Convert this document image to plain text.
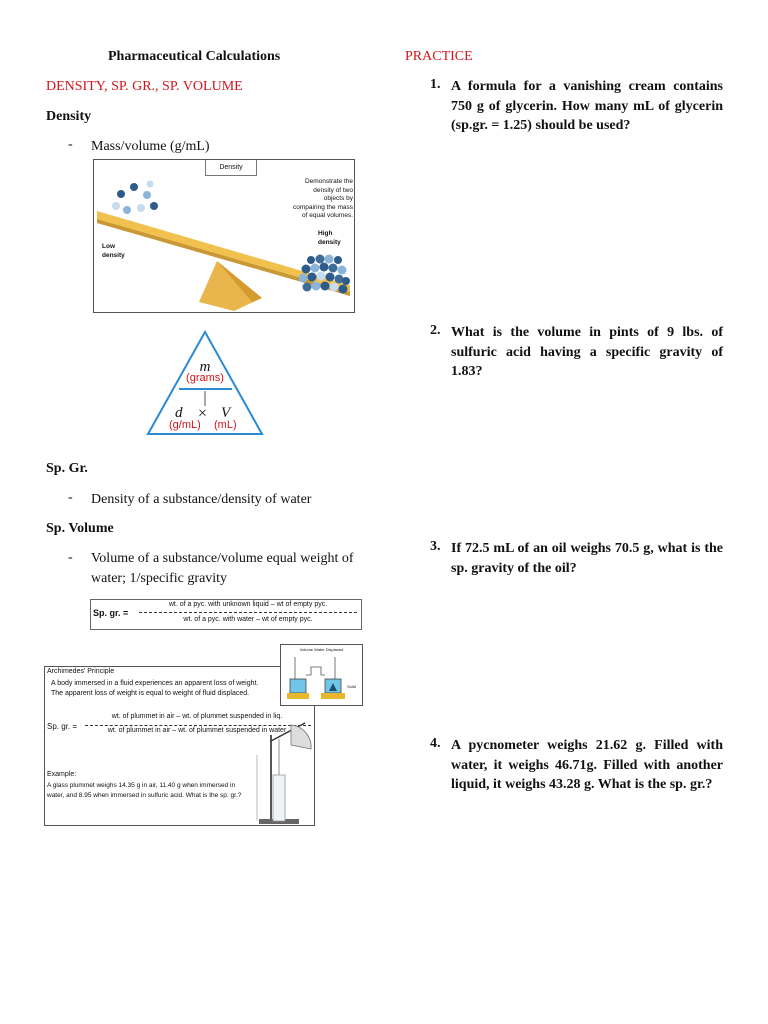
Pharmaceutical Calculations	PRACTICE
DENSITY, SP. GR., SP. VOLUME
Density
- Mass/volume (g/mL)
Density
Demonstrate the density of two objects by compairing the mass of equal volumes.
Low density
High density
m
(grams)
d × V
(g/mL) (mL)
Sp. Gr.
- Density of a substance/density of water
Sp. Volume
- Volume of a substance/volume equal weight of water; 1/specific gravity
Sp. gr. =
wt. of a pyc. with unknown liquid – wt of empty pyc.
wt. of a pyc. with water – wt of empty pyc.
Archimedes' Principle
A body immersed in a fluid experiences an apparent loss of weight.
The apparent loss of weight is equal to weight of fluid displaced.
Sp. gr. =
wt. of plummet in air – wt. of plummet suspended in liq.
wt. of plummet in air – wt. of plummet suspended in water
Example:
A glass plummet weighs 14.35 g in air, 11.40 g when immersed in water, and 8.95 when immersed in sulfuric acid. What is the sp. gr.?
Volume Water Displaced
Solid
1. A formula for a vanishing cream contains 750 g of glycerin. How many mL of glycerin (sp.gr. = 1.25) should be used?
2. What is the volume in pints of 9 lbs. of sulfuric acid having a specific gravity of 1.83?
3. If 72.5 mL of an oil weighs 70.5 g, what is the sp. gravity of the oil?
4. A pycnometer weighs 21.62 g. Filled with water, it weighs 46.71g. Filled with another liquid, it weighs 43.28 g. What is the sp. gr.?
